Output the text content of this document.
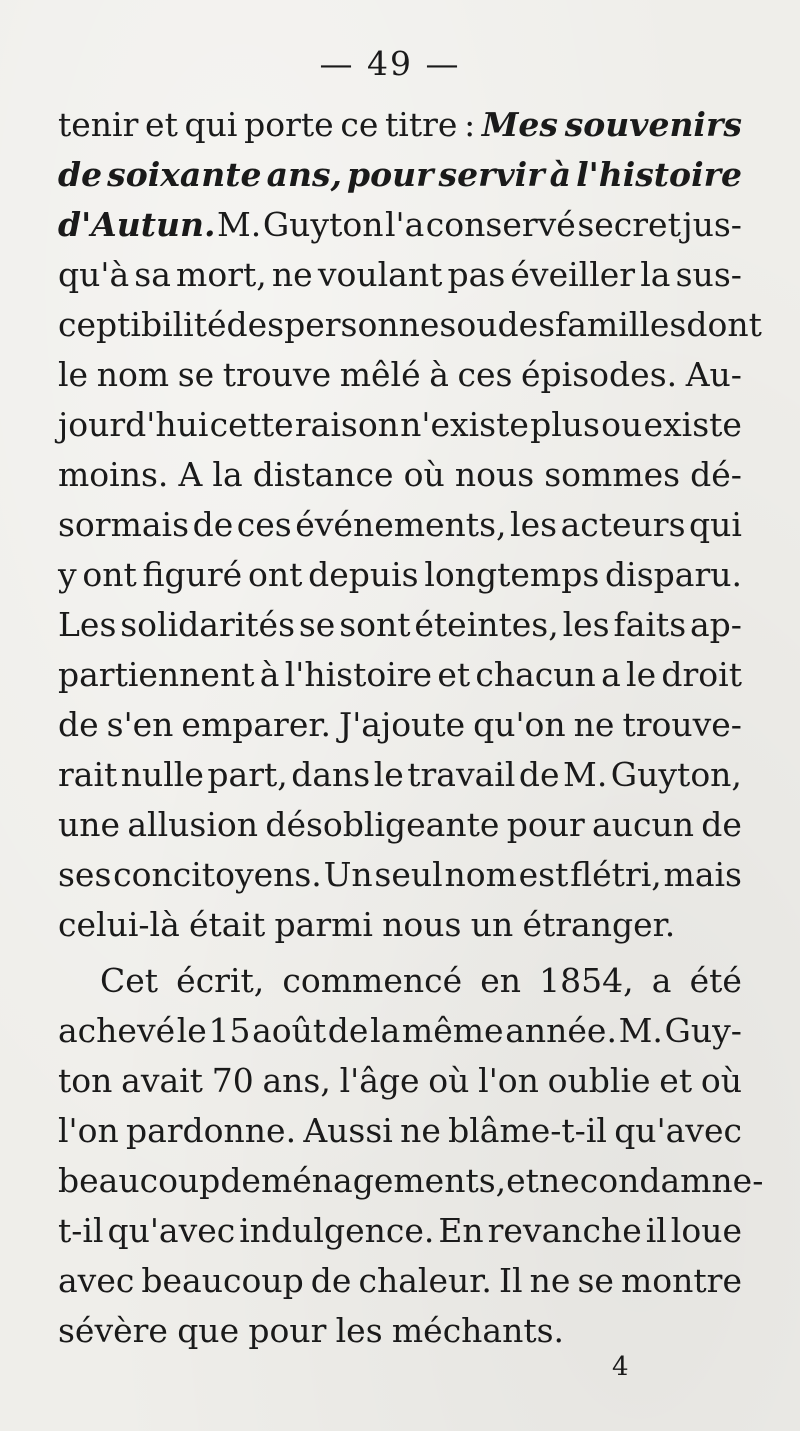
— 49 —
tenir et qui porte ce titre : Mes souvenirs
de soixante ans, pour servir à l'histoire
d'Autun. M. Guyton l'a conservé secret jus-
qu'à sa mort, ne voulant pas éveiller la sus-
ceptibilité des personnes ou des familles dont
le nom se trouve mêlé à ces épisodes. Au-
jourd'hui cette raison n'existe plus ou existe
moins. A la distance où nous sommes dé-
sormais de ces événements, les acteurs qui
y ont figuré ont depuis longtemps disparu.
Les solidarités se sont éteintes, les faits ap-
partiennent à l'histoire et chacun a le droit
de s'en emparer. J'ajoute qu'on ne trouve-
rait nulle part, dans le travail de M. Guyton,
une allusion désobligeante pour aucun de
ses concitoyens. Un seul nom est flétri, mais
celui-là était parmi nous un étranger.
Cet écrit, commencé en 1854, a été
achevé le 15 août de la même année. M. Guy-
ton avait 70 ans, l'âge où l'on oublie et où
l'on pardonne. Aussi ne blâme-t-il qu'avec
beaucoup de ménagements, et ne condamne-
t-il qu'avec indulgence. En revanche il loue
avec beaucoup de chaleur. Il ne se montre
sévère que pour les méchants.
4
